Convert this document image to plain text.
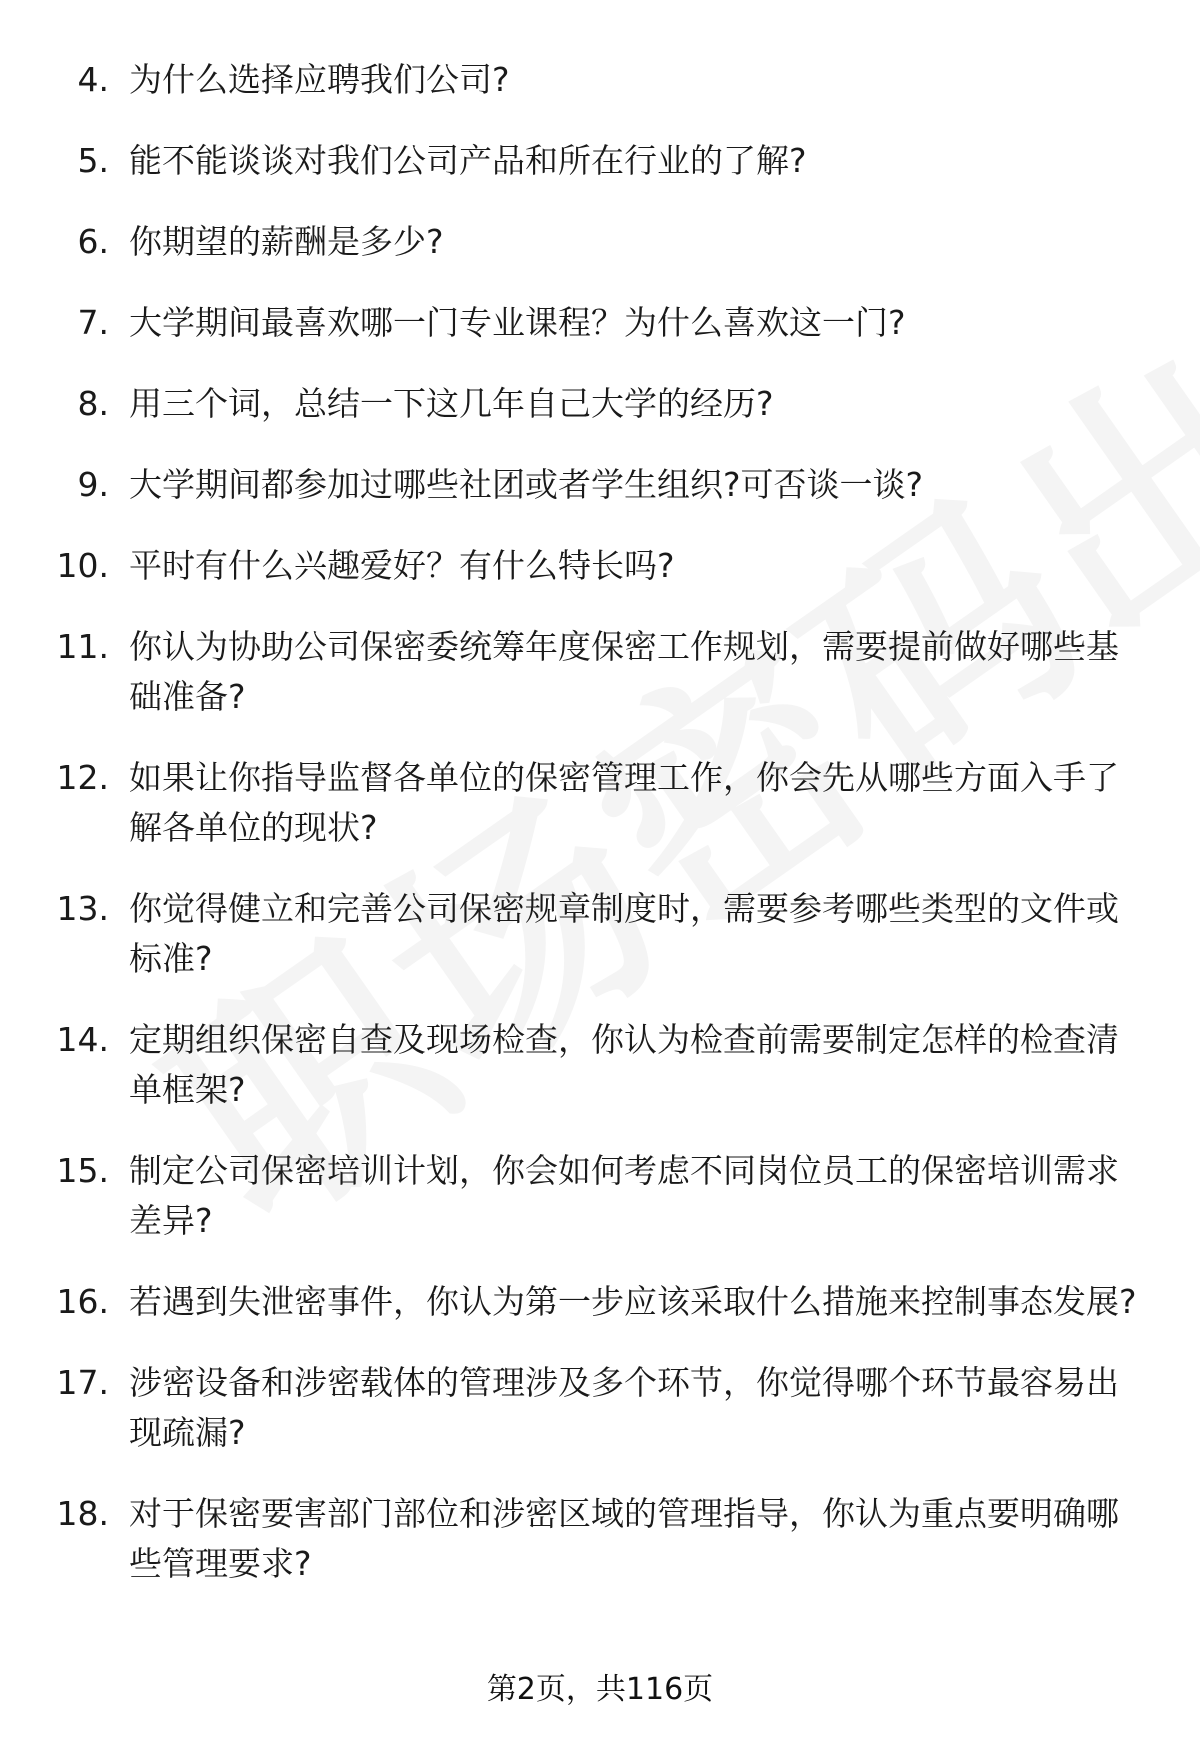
4. 为什么选择应聘我们公司?
5. 能不能谈谈对我们公司产品和所在行业的了解?
6. 你期望的薪酬是多少?
7. 大学期间最喜欢哪一门专业课程？为什么喜欢这一门?
8. 用三个词，总结一下这几年自己大学的经历?
9. 大学期间都参加过哪些社团或者学生组织?可否谈一谈?
10. 平时有什么兴趣爱好？有什么特长吗?
11. 你认为协助公司保密委统筹年度保密工作规划，需要提前做好哪些基础准备?
12. 如果让你指导监督各单位的保密管理工作，你会先从哪些方面入手了解各单位的现状?
13. 你觉得健立和完善公司保密规章制度时，需要参考哪些类型的文件或标准?
14. 定期组织保密自查及现场检查，你认为检查前需要制定怎样的检查清单框架?
15. 制定公司保密培训计划，你会如何考虑不同岗位员工的保密培训需求差异?
16. 若遇到失泄密事件，你认为第一步应该采取什么措施来控制事态发展?
17. 涉密设备和涉密载体的管理涉及多个环节，你觉得哪个环节最容易出现疏漏?
18. 对于保密要害部门部位和涉密区域的管理指导，你认为重点要明确哪些管理要求?
第2页，共116页
